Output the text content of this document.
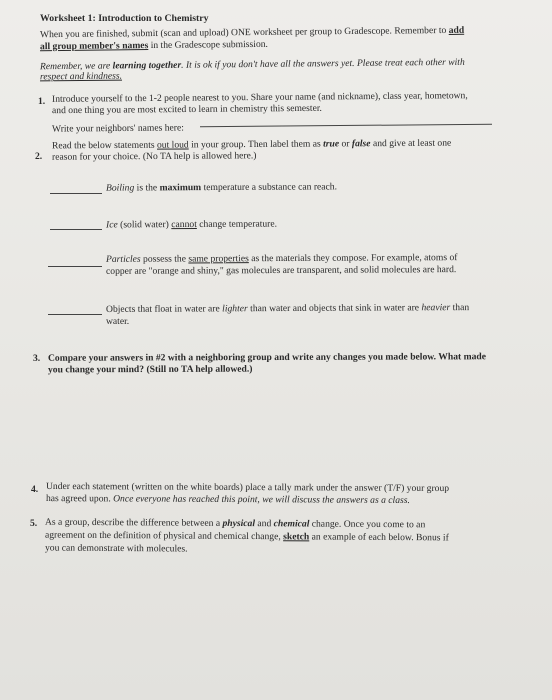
Worksheet 1: Introduction to Chemistry
When you are finished, submit (scan and upload) ONE worksheet per group to Gradescope. Remember to add
all group member's names in the Gradescope submission.
Remember, we are learning together. It is ok if you don't have all the answers yet. Please treat each other with
respect and kindness.
1. Introduce yourself to the 1-2 people nearest to you. Share your name (and nickname), class year, hometown,
and one thing you are most excited to learn in chemistry this semester.
Write your neighbors' names here:
2.
Read the below statements out loud in your group. Then label them as true or false and give at least one
reason for your choice. (No TA help is allowed here.)
Boiling is the maximum temperature a substance can reach.
Ice (solid water) cannot change temperature.
Particles possess the same properties as the materials they compose. For example, atoms of
copper are "orange and shiny," gas molecules are transparent, and solid molecules are hard.
Objects that float in water are lighter than water and objects that sink in water are heavier than
water.
3. Compare your answers in #2 with a neighboring group and write any changes you made below. What made
you change your mind? (Still no TA help allowed.)
4. Under each statement (written on the white boards) place a tally mark under the answer (T/F) your group
has agreed upon. Once everyone has reached this point, we will discuss the answers as a class.
5. As a group, describe the difference between a physical and chemical change. Once you come to an
agreement on the definition of physical and chemical change, sketch an example of each below. Bonus if
you can demonstrate with molecules.
